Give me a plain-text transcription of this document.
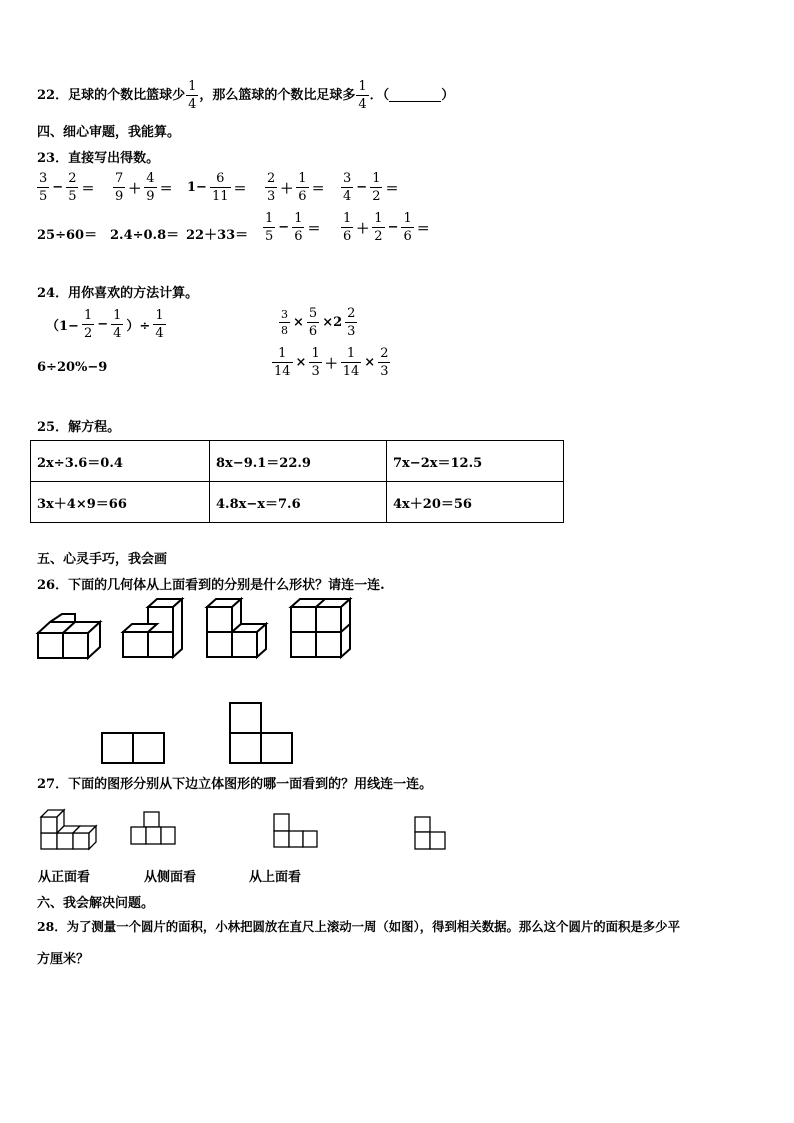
22．足球的个数比篮球少 $\frac{1}{4}$ ，那么篮球的个数比足球多 $\frac{1}{4}$ ．（	）
四、细心审题，我能算。
23．直接写出得数。
$\frac{3}{5} - \frac{2}{5} = \frac{7}{9} + \frac{4}{9} = 1- \frac{6}{11} = \frac{2}{3} + \frac{1}{6} = \frac{3}{4} - \frac{1}{2}$ ＝
$25\div 60= 2.4\div 0.8= 22+33= \frac{1}{5} - \frac{1}{6} = \frac{1}{6} + \frac{1}{2} - \frac{1}{6}$ ＝
24．用你喜欢的方法计算。
（$1- \frac{1}{2} - \frac{1}{4}$ ）÷ $\frac{1}{4}$	$\frac{3}{8} \times \frac{5}{6} \times 2 \frac{2}{3}$
6÷20%−9	$\frac{1}{14} \times \frac{1}{3} + \frac{1}{14} \times \frac{2}{3}$
25．解方程。
2x÷3.6＝0.4	8x−9.1＝22.9	7x−2x＝12.5
3x＋4×9＝66	4.8x−x＝7.6	4x＋20＝56
五、心灵手巧，我会画
26．下面的几何体从上面看到的分别是什么形状？请连一连.
27．下面的图形分别从下边立体图形的哪一面看到的？用线连一连。
从正面看	从侧面看	从上面看
六、我会解决问题。
28．为了测量一个圆片的面积，小林把圆放在直尺上滚动一周（如图），得到相关数据。那么这个圆片的面积是多少平
方厘米？
